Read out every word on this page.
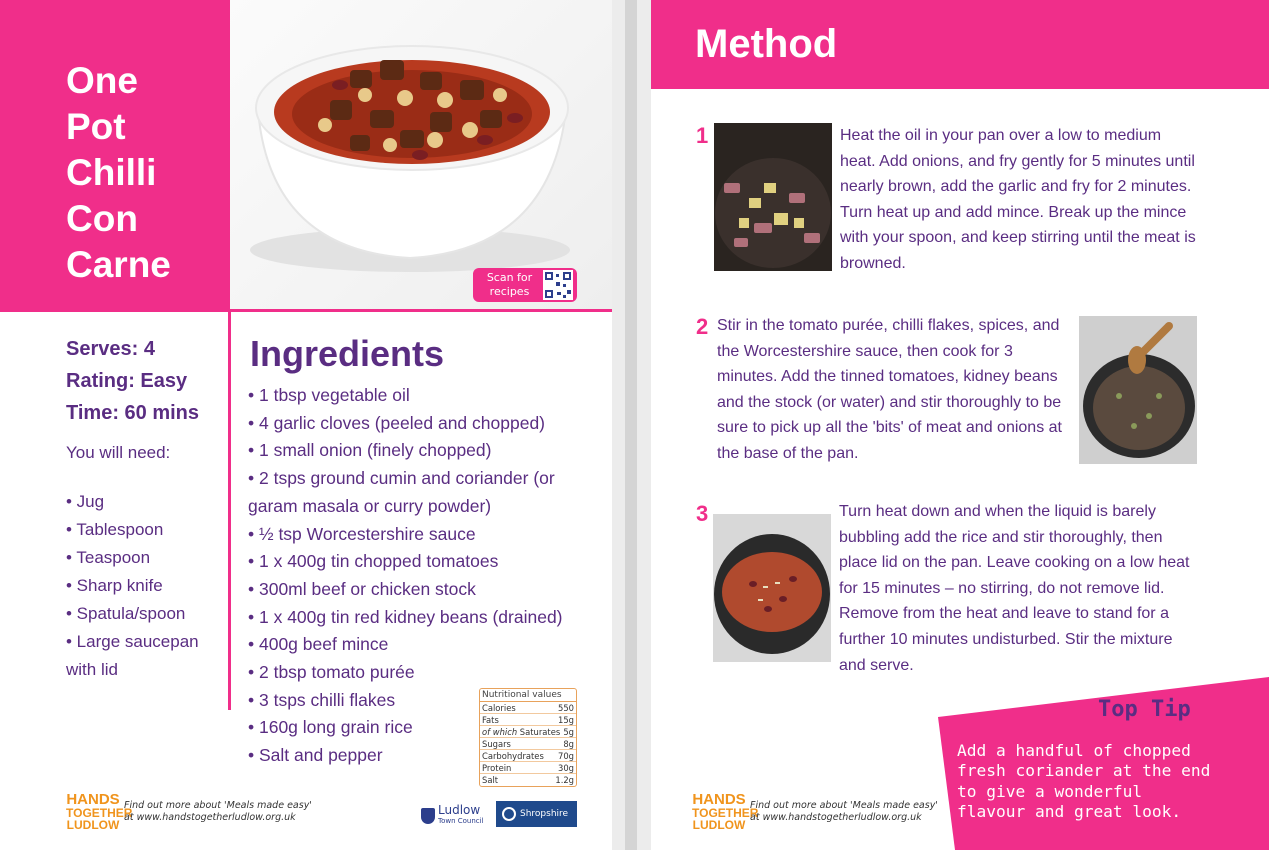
One
Pot
Chilli
Con
Carne	Scan for recipes
Serves: 4
Rating: Easy
Time: 60 mins
You will need:
• Jug
• Tablespoon
• Teaspoon
• Sharp knife
• Spatula/spoon
• Large saucepan with lid
Ingredients
• 1 tbsp vegetable oil
• 4 garlic cloves (peeled and chopped)
• 1 small onion (finely chopped)
• 2 tsps ground cumin and coriander (or garam masala or curry powder)
• ½ tsp Worcestershire sauce
• 1 x 400g tin chopped tomatoes
• 300ml beef or chicken stock
• 1 x 400g tin red kidney beans (drained)
• 400g beef mince
• 2 tbsp tomato purée
• 3 tsps chilli flakes
• 160g long grain rice
• Salt and pepper
Nutritional values
Calories	550
Fats	15g
of which Saturates 5g
Sugars	8g
Carbohydrates 70g
Protein	30g
Salt	1.2g
HANDS
TOGETHER
LUDLOW
Find out more about 'Meals made easy'
at www.handstogetherludlow.org.uk
Ludlow
Town Council
Shropshire
Method
1	Heat the oil in your pan over a low to medium heat. Add onions, and fry gently for 5 minutes until nearly brown, add the garlic and fry for 2 minutes. Turn heat up and add mince. Break up the mince with your spoon, and keep stirring until the meat is browned.
2 Stir in the tomato purée, chilli flakes, spices, and the Worcestershire sauce, then cook for 3 minutes. Add the tinned tomatoes, kidney beans and the stock (or water) and stir thoroughly to be sure to pick up all the 'bits' of meat and onions at the base of the pan.
3	Turn heat down and when the liquid is barely bubbling add the rice and stir thoroughly, then place lid on the pan. Leave cooking on a low heat for 15 minutes – no stirring, do not remove lid. Remove from the heat and leave to stand for a further 10 minutes undisturbed. Stir the mixture and serve.
Top Tip
Add a handful of chopped fresh coriander at the end to give a wonderful flavour and great look.
HANDS
TOGETHER
LUDLOW
Find out more about 'Meals made easy'
at www.handstogetherludlow.org.uk
